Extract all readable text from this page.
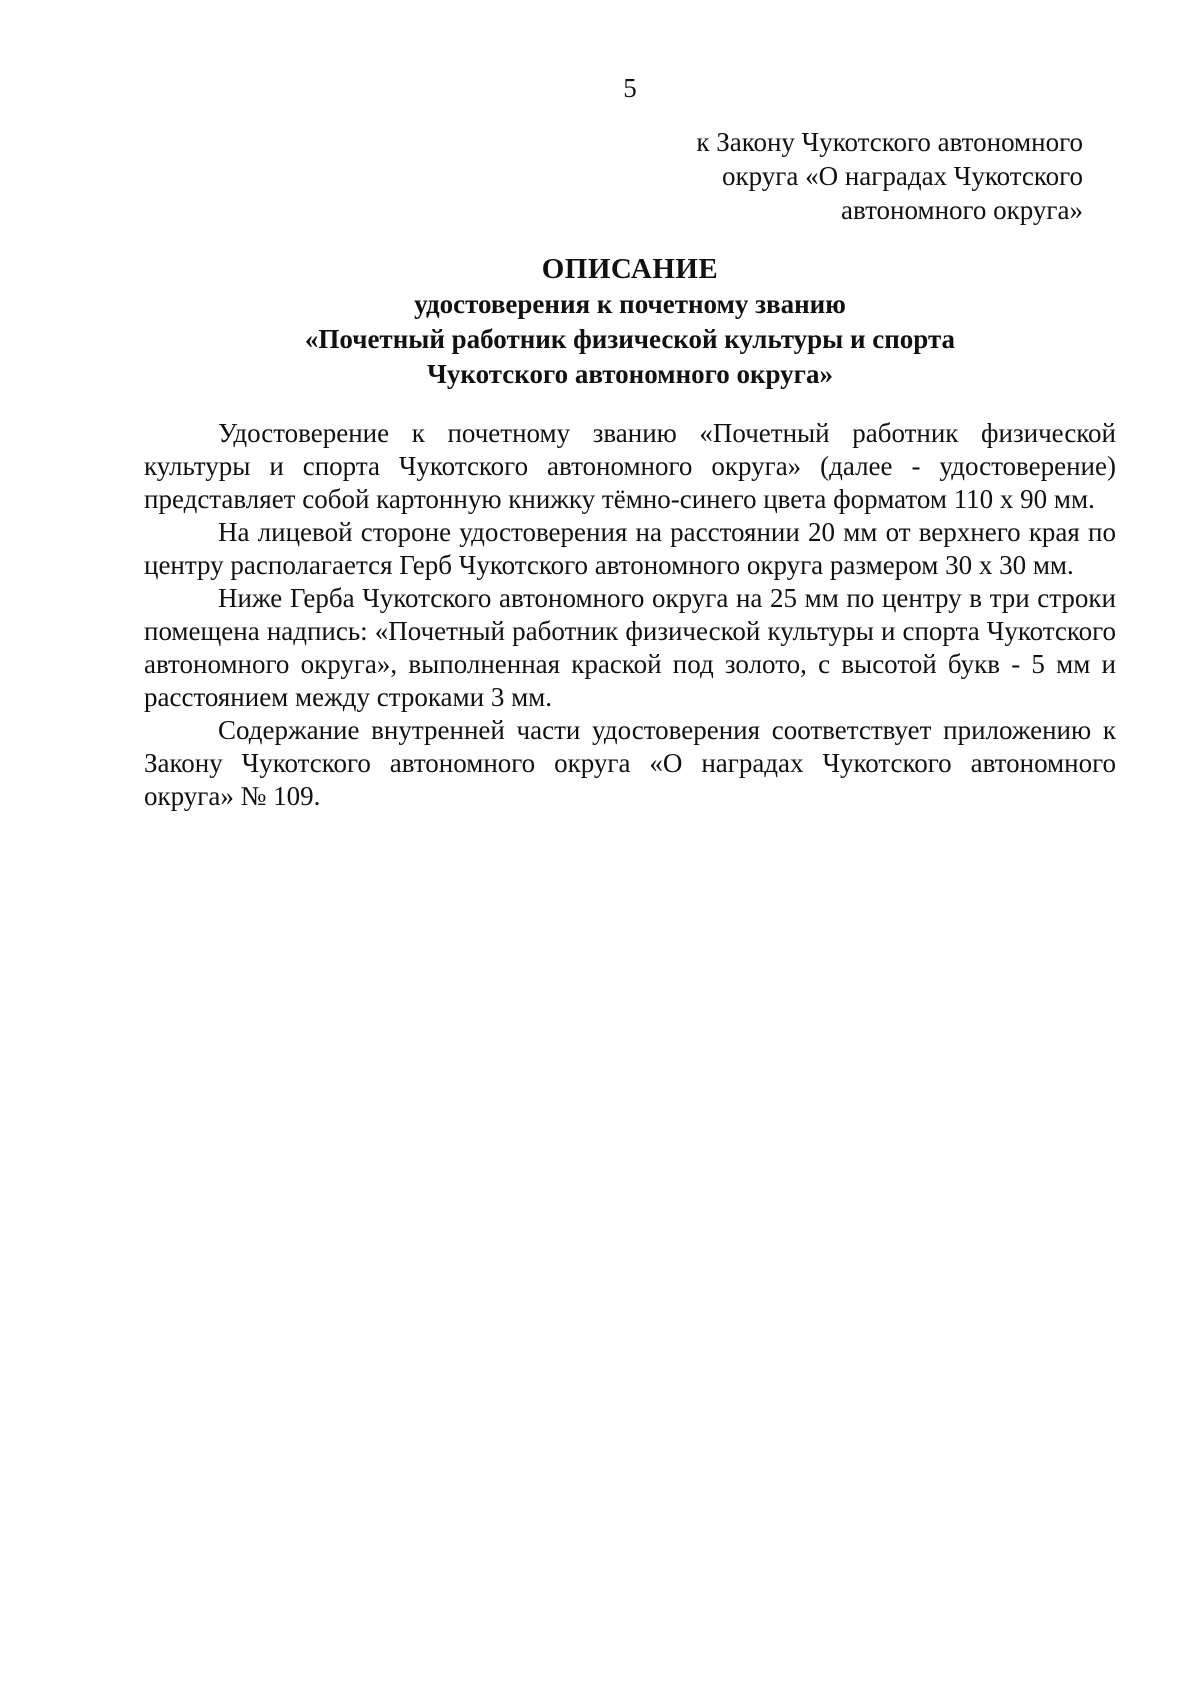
5
к Закону Чукотского автономного
округа «О наградах Чукотского
автономного округа»
ОПИСАНИЕ
удостоверения к почетному званию
«Почетный работник физической культуры и спорта
Чукотского автономного округа»

Удостоверение к почетному званию «Почетный работник физической культуры и спорта Чукотского автономного округа» (далее - удостоверение) представляет собой картонную книжку тёмно-синего цвета форматом 110 х 90 мм.

На лицевой стороне удостоверения на расстоянии 20 мм от верхнего края по центру располагается Герб Чукотского автономного округа размером 30 х 30 мм.

Ниже Герба Чукотского автономного округа на 25 мм по центру в три строки помещена надпись: «Почетный работник физической культуры и спорта Чукотского автономного округа», выполненная краской под золото, с высотой букв - 5 мм и расстоянием между строками 3 мм.

Содержание внутренней части удостоверения соответствует приложению к Закону Чукотского автономного округа «О наградах Чукотского автономного округа» № 109.
